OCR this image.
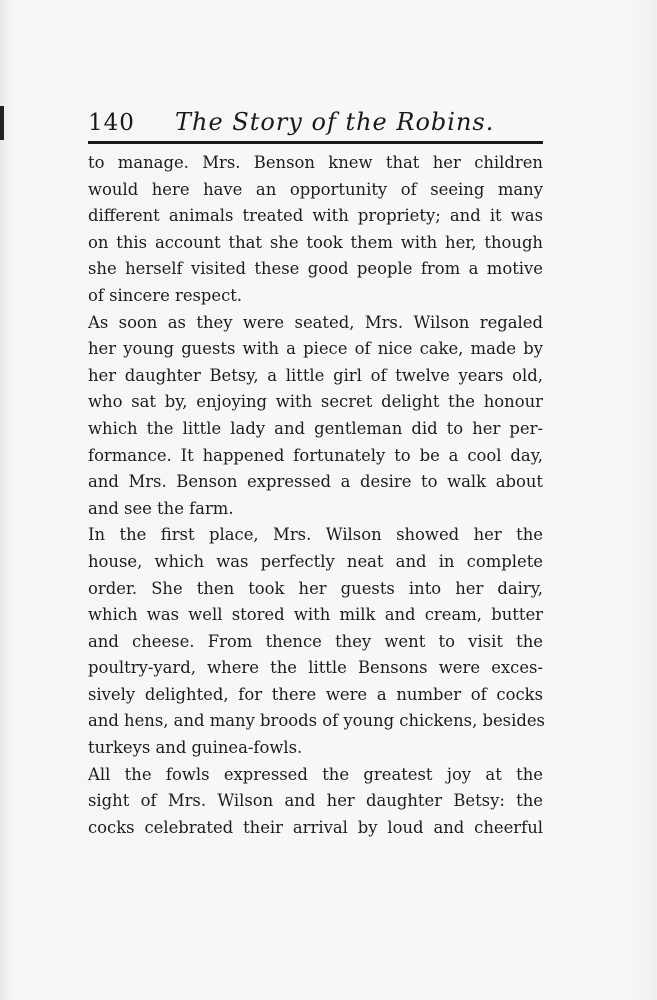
140 The Story of the Robins.
to manage. Mrs. Benson knew that her children
would here have an opportunity of seeing many
different animals treated with propriety; and it was
on this account that she took them with her, though
she herself visited these good people from a motive
of sincere respect.
As soon as they were seated, Mrs. Wilson regaled
her young guests with a piece of nice cake, made by
her daughter Betsy, a little girl of twelve years old,
who sat by, enjoying with secret delight the honour
which the little lady and gentleman did to her per-
formance. It happened fortunately to be a cool day,
and Mrs. Benson expressed a desire to walk about
and see the farm.
In the first place, Mrs. Wilson showed her the
house, which was perfectly neat and in complete
order. She then took her guests into her dairy,
which was well stored with milk and cream, butter
and cheese. From thence they went to visit the
poultry-yard, where the little Bensons were exces-
sively delighted, for there were a number of cocks
and hens, and many broods of young chickens, besides
turkeys and guinea-fowls.
All the fowls expressed the greatest joy at the
sight of Mrs. Wilson and her daughter Betsy: the
cocks celebrated their arrival by loud and cheerful
